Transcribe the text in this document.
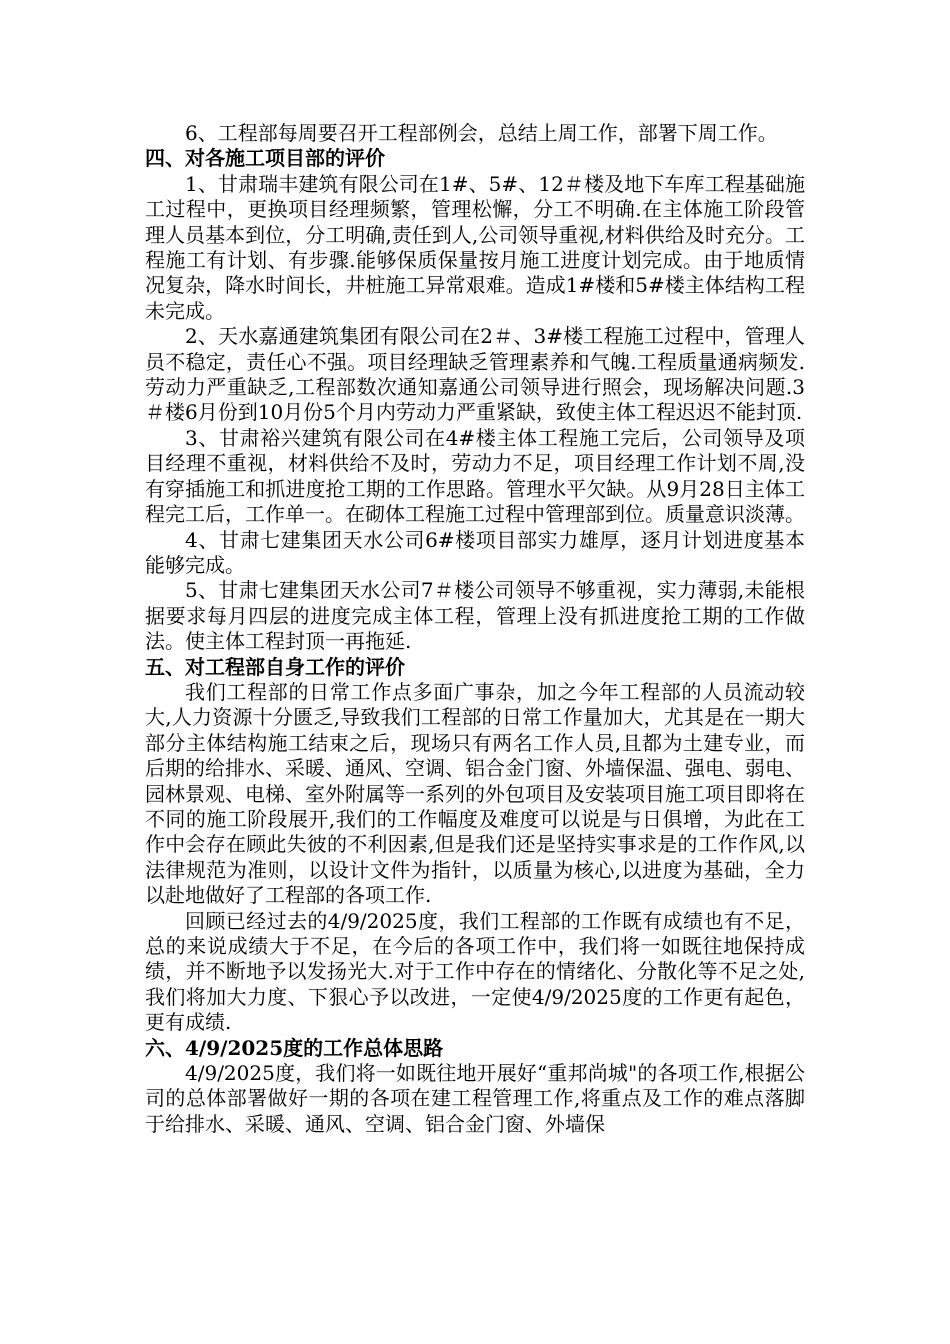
6、工程部每周要召开工程部例会，总结上周工作，部署下周工作。

四、对各施工项目部的评价

1、甘肃瑞丰建筑有限公司在1#、5#、12＃楼及地下车库工程基础施工过程中，更换项目经理频繁，管理松懈，分工不明确.在主体施工阶段管理人员基本到位，分工明确,责任到人,公司领导重视,材料供给及时充分。工程施工有计划、有步骤.能够保质保量按月施工进度计划完成。由于地质情况复杂，降水时间长，井桩施工异常艰难。造成1#楼和5#楼主体结构工程未完成。

2、天水嘉通建筑集团有限公司在2＃、3#楼工程施工过程中，管理人员不稳定，责任心不强。项目经理缺乏管理素养和气魄.工程质量通病频发.劳动力严重缺乏,工程部数次通知嘉通公司领导进行照会，现场解决问题.3＃楼6月份到10月份5个月内劳动力严重紧缺，致使主体工程迟迟不能封顶.

3、甘肃裕兴建筑有限公司在4#楼主体工程施工完后，公司领导及项目经理不重视，材料供给不及时，劳动力不足，项目经理工作计划不周,没有穿插施工和抓进度抢工期的工作思路。管理水平欠缺。从9月28日主体工程完工后，工作单一。在砌体工程施工过程中管理部到位。质量意识淡薄。

4、甘肃七建集团天水公司6#楼项目部实力雄厚，逐月计划进度基本能够完成。

5、甘肃七建集团天水公司7＃楼公司领导不够重视，实力薄弱,未能根据要求每月四层的进度完成主体工程，管理上没有抓进度抢工期的工作做法。使主体工程封顶一再拖延.

五、对工程部自身工作的评价

我们工程部的日常工作点多面广事杂，加之今年工程部的人员流动较大,人力资源十分匮乏,导致我们工程部的日常工作量加大，尤其是在一期大部分主体结构施工结束之后，现场只有两名工作人员,且都为土建专业，而后期的给排水、采暖、通风、空调、铝合金门窗、外墙保温、强电、弱电、园林景观、电梯、室外附属等一系列的外包项目及安装项目施工项目即将在不同的施工阶段展开,我们的工作幅度及难度可以说是与日俱增，为此在工作中会存在顾此失彼的不利因素,但是我们还是坚持实事求是的工作作风,以法律规范为准则，以设计文件为指针，以质量为核心,以进度为基础，全力以赴地做好了工程部的各项工作.

回顾已经过去的4/9/2025度，我们工程部的工作既有成绩也有不足，总的来说成绩大于不足，在今后的各项工作中，我们将一如既往地保持成绩，并不断地予以发扬光大.对于工作中存在的情绪化、分散化等不足之处,我们将加大力度、下狠心予以改进，一定使4/9/2025度的工作更有起色，更有成绩.

六、4/9/2025度的工作总体思路

4/9/2025度，我们将一如既往地开展好“重邦尚城"的各项工作,根据公司的总体部署做好一期的各项在建工程管理工作,将重点及工作的难点落脚于给排水、采暖、通风、空调、铝合金门窗、外墙保
